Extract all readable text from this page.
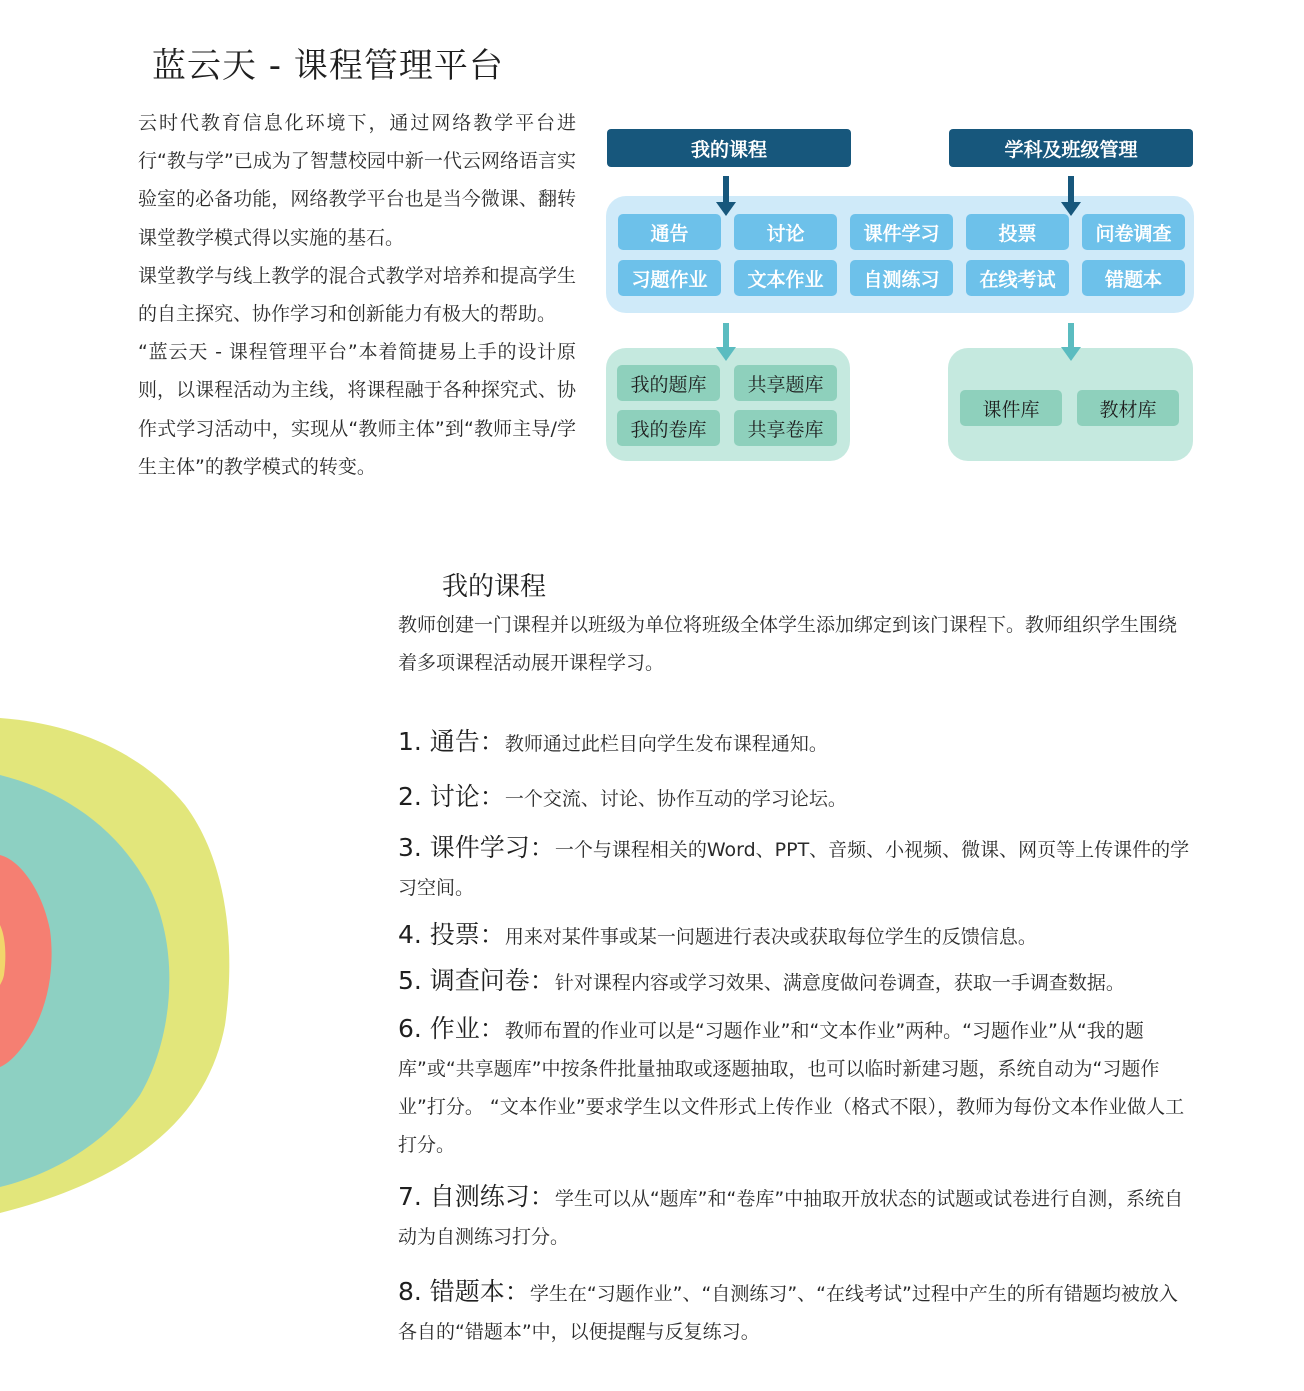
蓝云天 - 课程管理平台

云时代教育信息化环境下，通过网络教学平台进行“教与学”已成为了智慧校园中新一代云网络语言实验室的必备功能，网络教学平台也是当今微课、翻转课堂教学模式得以实施的基石。

课堂教学与线上教学的混合式教学对培养和提高学生的自主探究、协作学习和创新能力有极大的帮助。

“蓝云天 - 课程管理平台”本着简捷易上手的设计原则，以课程活动为主线，将课程融于各种探究式、协作式学习活动中，实现从“教师主体”到“教师主导/学生主体”的教学模式的转变。

我的课程	学科及班级管理
通告	讨论	课件学习	投票	问卷调查
习题作业	文本作业	自测练习	在线考试	错题本
我的题库	共享题库
我的卷库	共享卷库
课件库	教材库
我的课程
教师创建一门课程并以班级为单位将班级全体学生添加绑定到该门课程下。教师组织学生围绕着多项课程活动展开课程学习。
1. 通告：教师通过此栏目向学生发布课程通知。
2. 讨论：一个交流、讨论、协作互动的学习论坛。
3. 课件学习：一个与课程相关的Word、PPT、音频、小视频、微课、网页等上传课件的学习空间。
4. 投票：用来对某件事或某一问题进行表决或获取每位学生的反馈信息。
5. 调查问卷：针对课程内容或学习效果、满意度做问卷调查，获取一手调查数据。
6. 作业：教师布置的作业可以是“习题作业”和“文本作业”两种。“习题作业”从“我的题库”或“共享题库”中按条件批量抽取或逐题抽取，也可以临时新建习题，系统自动为“习题作业”打分。 “文本作业”要求学生以文件形式上传作业（格式不限），教师为每份文本作业做人工打分。
7. 自测练习：学生可以从“题库”和“卷库”中抽取开放状态的试题或试卷进行自测，系统自动为自测练习打分。
8. 错题本：学生在“习题作业”、“自测练习”、“在线考试”过程中产生的所有错题均被放入各自的“错题本”中，以便提醒与反复练习。
